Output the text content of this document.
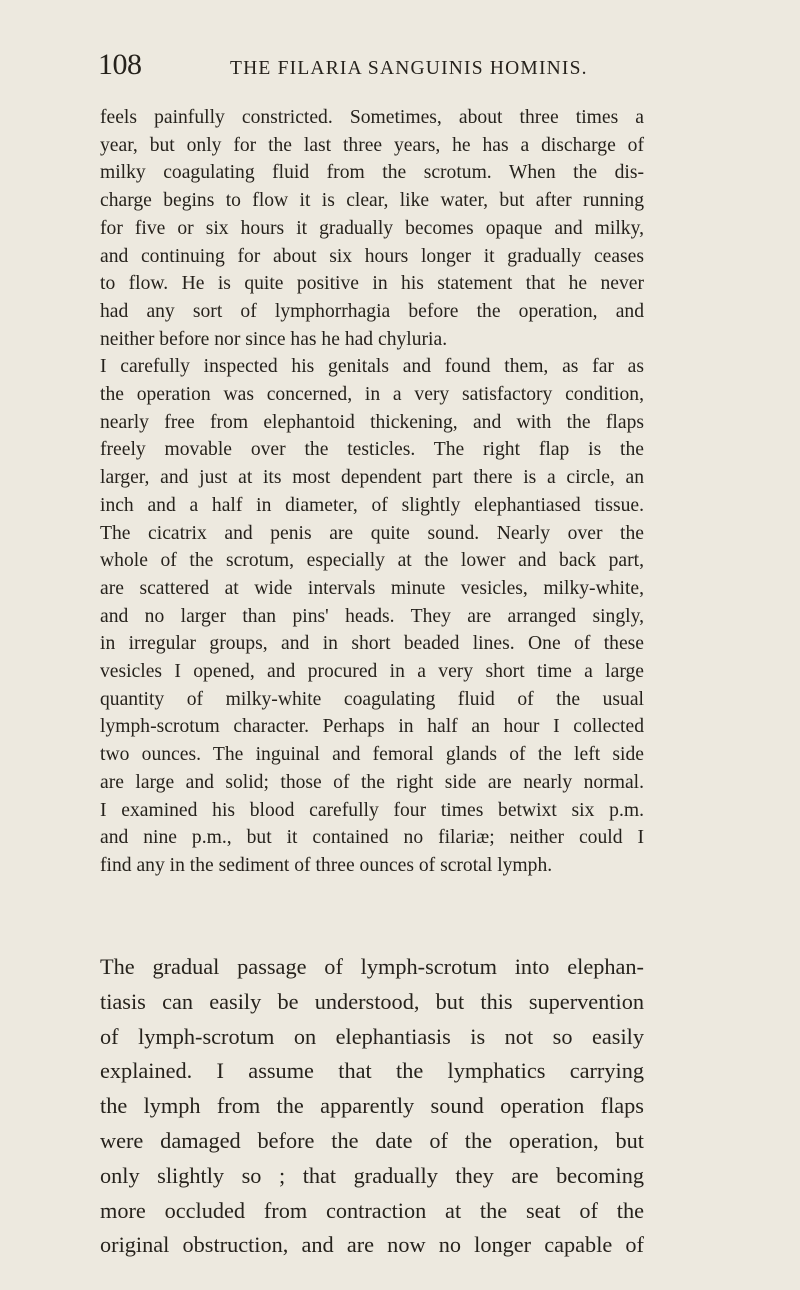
108	THE FILARIA SANGUINIS HOMINIS.
feels painfully constricted. Sometimes, about three times a
year, but only for the last three years, he has a discharge of
milky coagulating fluid from the scrotum. When the dis-
charge begins to flow it is clear, like water, but after running
for five or six hours it gradually becomes opaque and milky,
and continuing for about six hours longer it gradually ceases
to flow. He is quite positive in his statement that he never
had any sort of lymphorrhagia before the operation, and
neither before nor since has he had chyluria.
I carefully inspected his genitals and found them, as far as
the operation was concerned, in a very satisfactory condition,
nearly free from elephantoid thickening, and with the flaps
freely movable over the testicles. The right flap is the
larger, and just at its most dependent part there is a circle, an
inch and a half in diameter, of slightly elephantiased tissue.
The cicatrix and penis are quite sound. Nearly over the
whole of the scrotum, especially at the lower and back part,
are scattered at wide intervals minute vesicles, milky-white,
and no larger than pins' heads. They are arranged singly,
in irregular groups, and in short beaded lines. One of these
vesicles I opened, and procured in a very short time a large
quantity of milky-white coagulating fluid of the usual
lymph-scrotum character. Perhaps in half an hour I collected
two ounces. The inguinal and femoral glands of the left side
are large and solid; those of the right side are nearly normal.
I examined his blood carefully four times betwixt six p.m.
and nine p.m., but it contained no filariæ; neither could I
find any in the sediment of three ounces of scrotal lymph.
The gradual passage of lymph-scrotum into elephan-
tiasis can easily be understood, but this supervention
of lymph-scrotum on elephantiasis is not so easily
explained. I assume that the lymphatics carrying
the lymph from the apparently sound operation flaps
were damaged before the date of the operation, but
only slightly so ; that gradually they are becoming
more occluded from contraction at the seat of the
original obstruction, and are now no longer capable of
